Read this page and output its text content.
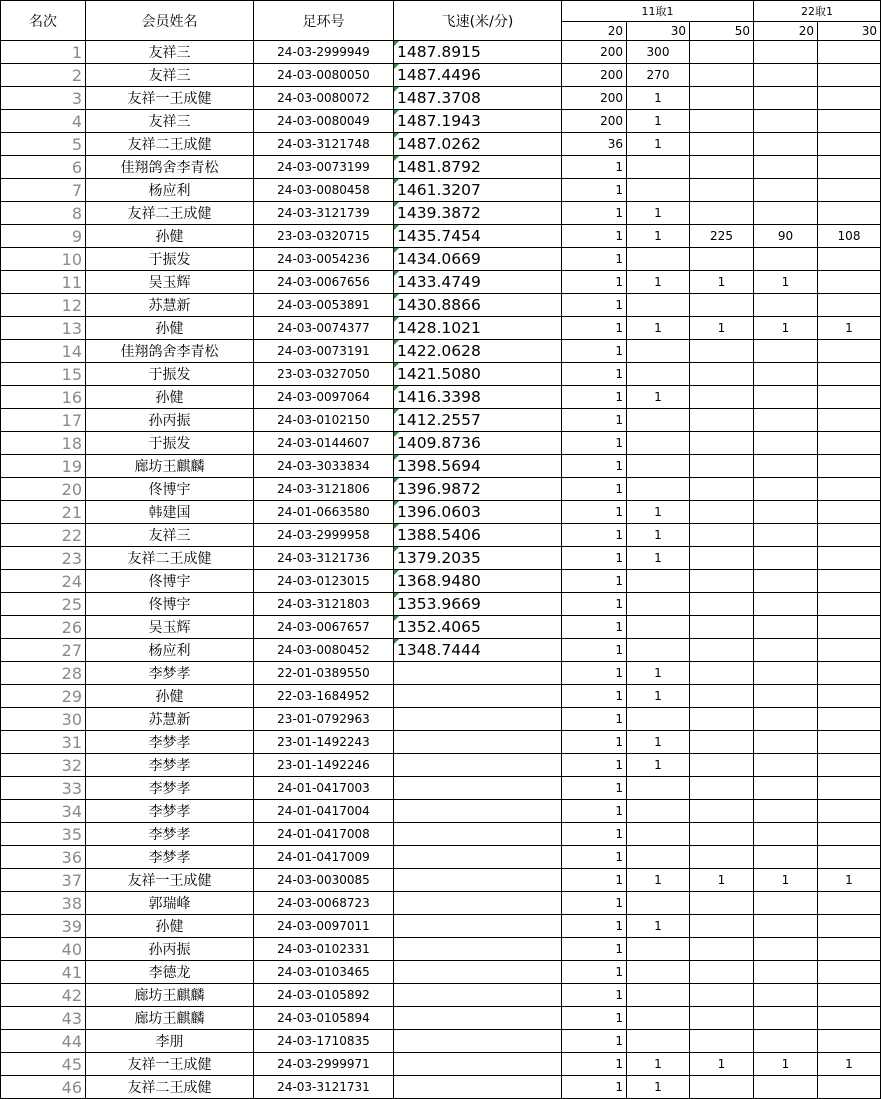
名次	会员姓名	足环号	飞速(米/分)	11取1			22取1	
				20	30	50	20	30
1	友祥三	24-03-2999949	1487.8915	200	300			
2	友祥三	24-03-0080050	1487.4496	200	270			
3	友祥一王成健	24-03-0080072	1487.3708	200	1			
4	友祥三	24-03-0080049	1487.1943	200	1			
5	友祥二王成健	24-03-3121748	1487.0262	36	1			
6	佳翔鸽舍李青松	24-03-0073199	1481.8792	1				
7	杨应利	24-03-0080458	1461.3207	1				
8	友祥二王成健	24-03-3121739	1439.3872	1	1			
9	孙健	23-03-0320715	1435.7454	1	1	225	90	108
10	于振发	24-03-0054236	1434.0669	1				
11	吴玉辉	24-03-0067656	1433.4749	1	1	1	1	
12	苏慧新	24-03-0053891	1430.8866	1				
13	孙健	24-03-0074377	1428.1021	1	1	1	1	1
14	佳翔鸽舍李青松	24-03-0073191	1422.0628	1				
15	于振发	23-03-0327050	1421.5080	1				
16	孙健	24-03-0097064	1416.3398	1	1			
17	孙丙振	24-03-0102150	1412.2557	1				
18	于振发	24-03-0144607	1409.8736	1				
19	廊坊王麒麟	24-03-3033834	1398.5694	1				
20	佟博宇	24-03-3121806	1396.9872	1				
21	韩建国	24-01-0663580	1396.0603	1	1			
22	友祥三	24-03-2999958	1388.5406	1	1			
23	友祥二王成健	24-03-3121736	1379.2035	1	1			
24	佟博宇	24-03-0123015	1368.9480	1				
25	佟博宇	24-03-3121803	1353.9669	1				
26	吴玉辉	24-03-0067657	1352.4065	1				
27	杨应利	24-03-0080452	1348.7444	1				
28	李梦孝	22-01-0389550		1	1			
29	孙健	22-03-1684952		1	1			
30	苏慧新	23-01-0792963		1				
31	李梦孝	23-01-1492243		1	1			
32	李梦孝	23-01-1492246		1	1			
33	李梦孝	24-01-0417003		1				
34	李梦孝	24-01-0417004		1				
35	李梦孝	24-01-0417008		1				
36	李梦孝	24-01-0417009		1				
37	友祥一王成健	24-03-0030085		1	1	1	1	1
38	郭瑞峰	24-03-0068723		1				
39	孙健	24-03-0097011		1	1			
40	孙丙振	24-03-0102331		1				
41	李德龙	24-03-0103465		1				
42	廊坊王麒麟	24-03-0105892		1				
43	廊坊王麒麟	24-03-0105894		1				
44	李朋	24-03-1710835		1				
45	友祥一王成健	24-03-2999971		1	1	1	1	1
46	友祥二王成健	24-03-3121731		1	1			
